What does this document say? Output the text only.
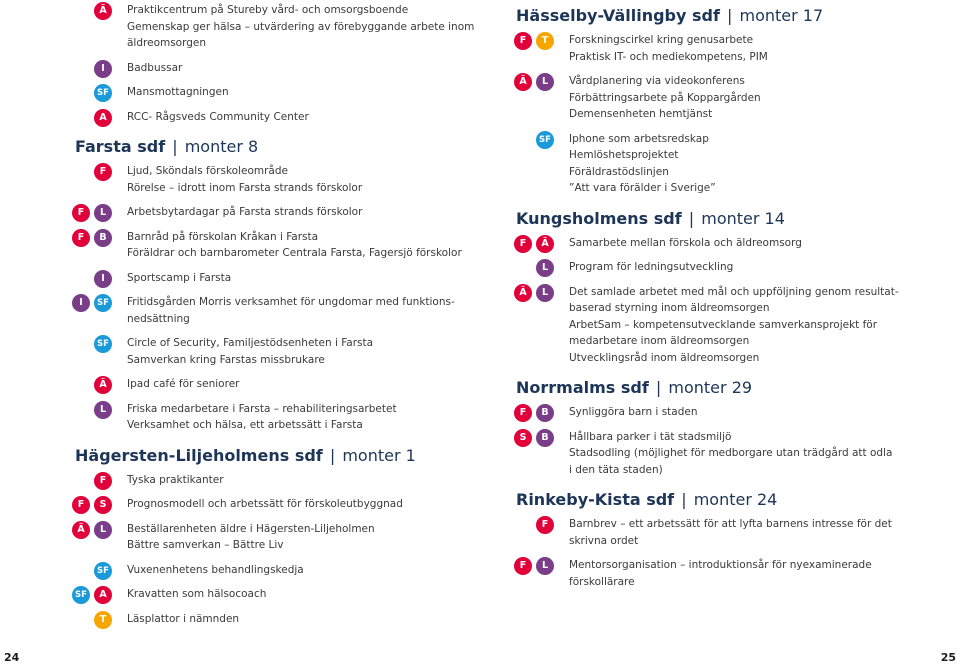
Ä	Praktikcentrum på Stureby vård- och omsorgsboende
Gemenskap ger hälsa – utvärdering av förebyggande arbete inom
äldreomsorgen
I	Badbussar
SF Mansmottagningen
A	RCC- Rågsveds Community Center
Farsta sdf | monter 8
F	Ljud, Sköndals förskoleområde
Rörelse – idrott inom Farsta strands förskolor
F	L	Arbetsbytardagar på Farsta strands förskolor
F	B	Barnråd på förskolan Kråkan i Farsta
Föräldrar och barnbarometer Centrala Farsta, Fagersjö förskolor
I	Sportscamp i Farsta
I	SF Fritidsgården Morris verksamhet för ungdomar med funktions-
nedsättning
SF Circle of Security, Familjestödsenheten i Farsta
Samverkan kring Farstas missbrukare
Ä	Ipad café för seniorer
L	Friska medarbetare i Farsta – rehabiliteringsarbetet
Verksamhet och hälsa, ett arbetssätt i Farsta
Hägersten-Liljeholmens sdf | monter 1
F	Tyska praktikanter
F	S	Prognosmodell och arbetssätt för förskoleutbyggnad
Ä	L	Beställarenheten äldre i Hägersten-Liljeholmen
Bättre samverkan – Bättre Liv
SF Vuxenenhetens behandlingskedja
SF	A	Kravatten som hälsocoach
T	Läsplattor i nämnden
Hässelby-Vällingby sdf | monter 17
F	T	Forskningscirkel kring genusarbete
Praktisk IT- och mediekompetens, PIM
Ä	L	Vårdplanering via videokonferens
Förbättringsarbete på Koppargården
Demensenheten hemtjänst
SF Iphone som arbetsredskap
Hemlöshetsprojektet
Föräldrastödslinjen
”Att vara förälder i Sverige”
Kungsholmens sdf | monter 14
F	Ä	Samarbete mellan förskola och äldreomsorg
L	Program för ledningsutveckling
Ä	L	Det samlade arbetet med mål och uppföljning genom resultat-
baserad styrning inom äldreomsorgen
ArbetSam – kompetensutvecklande samverkansprojekt för
medarbetare inom äldreomsorgen
Utvecklingsråd inom äldreomsorgen
Norrmalms sdf | monter 29
F	B	Synliggöra barn i staden
S	B	Hållbara parker i tät stadsmiljö
Stadsodling (möjlighet för medborgare utan trädgård att odla
i den täta staden)
Rinkeby-Kista sdf | monter 24
F	Barnbrev – ett arbetssätt för att lyfta barnens intresse för det
skrivna ordet
F	L	Mentorsorganisation – introduktionsår för nyexaminerade
förskollärare
24	25
